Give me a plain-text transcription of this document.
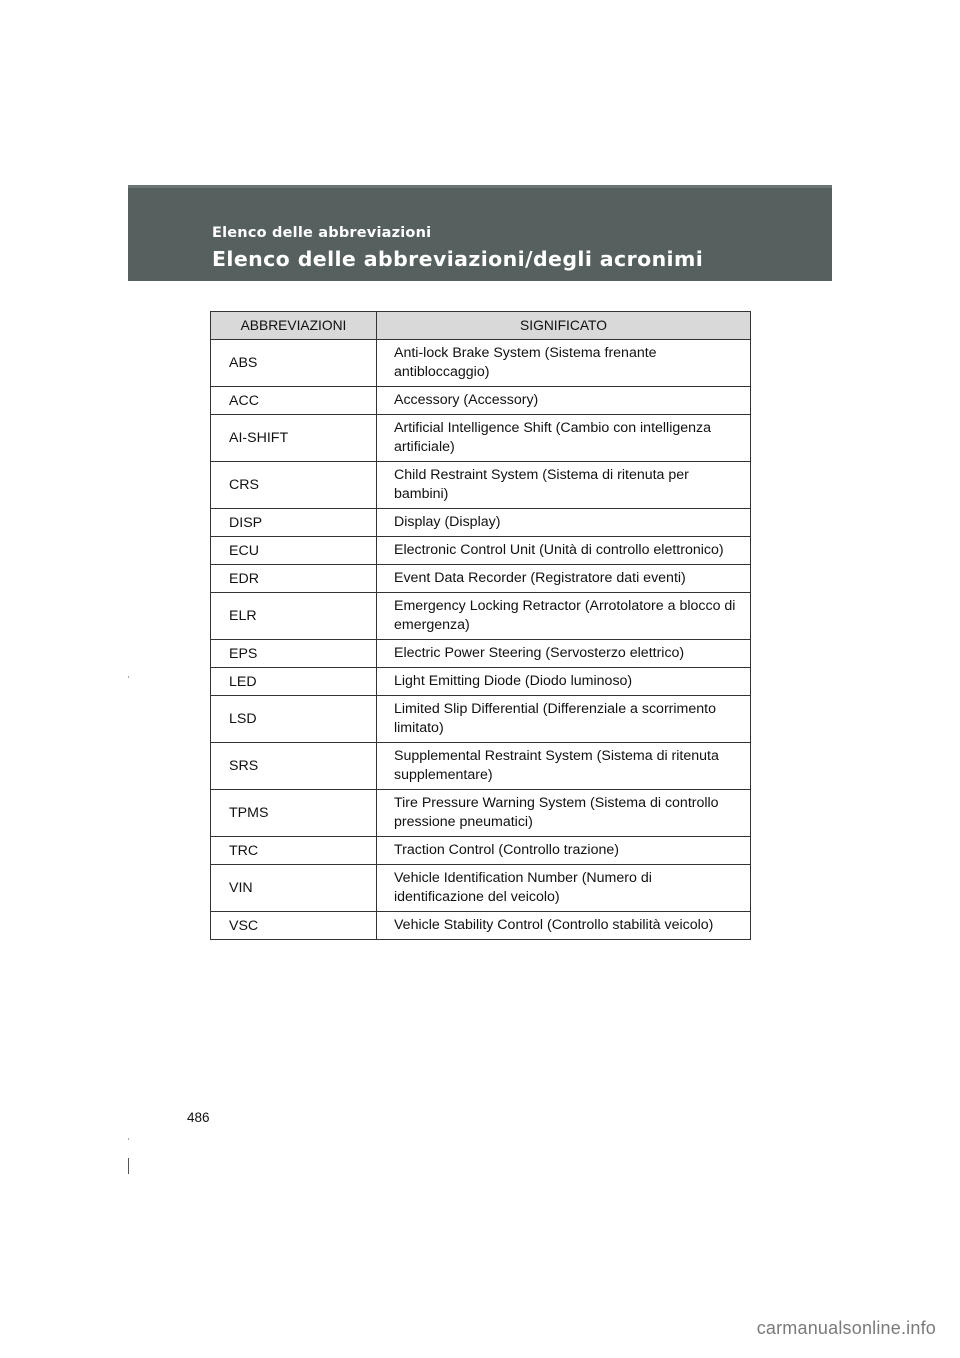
Elenco delle abbreviazioni
Elenco delle abbreviazioni/degli acronimi
ABBREVIAZIONI	SIGNIFICATO
ABS	Anti-lock Brake System (Sistema frenante antibloccaggio)
ACC	Accessory (Accessory)
AI-SHIFT	Artificial Intelligence Shift (Cambio con intelligenza artificiale)
CRS	Child Restraint System (Sistema di ritenuta per bambini)
DISP	Display (Display)
ECU	Electronic Control Unit (Unità di controllo elettronico)
EDR	Event Data Recorder (Registratore dati eventi)
ELR	Emergency Locking Retractor (Arrotolatore a blocco di emergenza)
EPS	Electric Power Steering (Servosterzo elettrico)
LED	Light Emitting Diode (Diodo luminoso)
LSD	Limited Slip Differential (Differenziale a scorrimento limitato)
SRS	Supplemental Restraint System (Sistema di ritenuta supplementare)
TPMS	Tire Pressure Warning System (Sistema di controllo pressione pneumatici)
TRC	Traction Control (Controllo trazione)
VIN	Vehicle Identification Number (Numero di identificazione del veicolo)
VSC	Vehicle Stability Control (Controllo stabilità veicolo)
486
carmanualsonline.info
